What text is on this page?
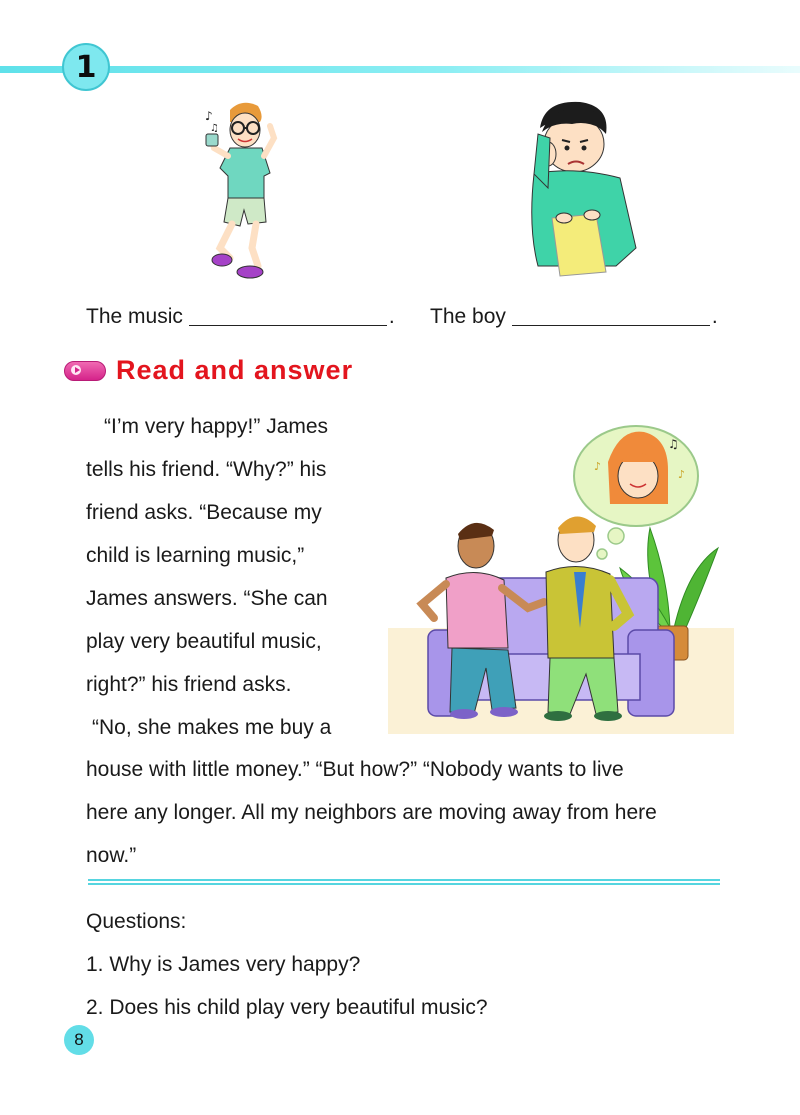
1
♪
♫
The music	. The boy	.
Read and answer
“I’m very happy!” James
tells his friend. “Why?” his
friend asks. “Because my
child is learning music,”
James answers. “She can
play very beautiful music,
right?” his friend asks.
“No, she makes me buy a
♫
♪
♪
house with little money.” “But how?” “Nobody wants to live
here any longer. All my neighbors are moving away from here
now.”
Questions:
1. Why is James very happy?
2. Does his child play very beautiful music?
8
